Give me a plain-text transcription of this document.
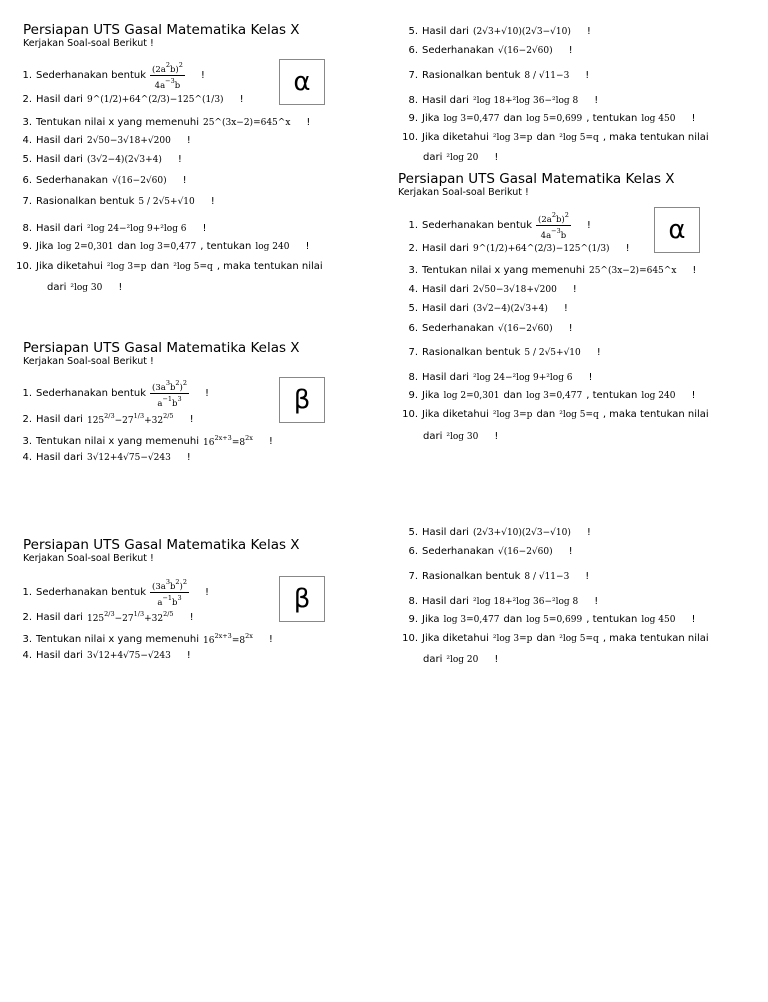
Persiapan UTS Gasal Matematika Kelas X
Kerjakan Soal-soal Berikut !
α
1. Sederhanakan bentuk $\frac{(2a^2b)^2}{4a^{-3}b}$ !
2. Hasil dari 9^(1/2)+64^(2/3)−125^(1/3) !
3. Tentukan nilai x yang memenuhi 25^(3x−2)=645^x !
4. Hasil dari 2√50−3√18+√200 !
5. Hasil dari (3√2−4)(2√3+4) !
6. Sederhanakan √(16−2√60) !
7. Rasionalkan bentuk 5 / 2√5+√10 !
8. Hasil dari ²log 24−²log 9+²log 6 !
9. Jika log 2=0,301 dan log 3=0,477 , tentukan log 240 !
10. Jika diketahui ²log 3=p dan ²log 5=q , maka tentukan nilai
dari ²log 30 !
5. Hasil dari (2√3+√10)(2√3−√10) !
6. Sederhanakan √(16−2√60) !
7. Rasionalkan bentuk 8 / √11−3 !
8. Hasil dari ²log 18+²log 36−²log 8 !
9. Jika log 3=0,477 dan log 5=0,699 , tentukan log 450 !
10. Jika diketahui ²log 3=p dan ²log 5=q , maka tentukan nilai
dari ²log 20 !
Persiapan UTS Gasal Matematika Kelas X
Kerjakan Soal-soal Berikut !
α
1. Sederhanakan bentuk $\frac{(2a^2b)^2}{4a^{-3}b}$ !
2. Hasil dari 9^(1/2)+64^(2/3)−125^(1/3) !
3. Tentukan nilai x yang memenuhi 25^(3x−2)=645^x !
4. Hasil dari 2√50−3√18+√200 !
5. Hasil dari (3√2−4)(2√3+4) !
6. Sederhanakan √(16−2√60) !
7. Rasionalkan bentuk 5 / 2√5+√10 !
8. Hasil dari ²log 24−²log 9+²log 6 !
9. Jika log 2=0,301 dan log 3=0,477 , tentukan log 240 !
10. Jika diketahui ²log 3=p dan ²log 5=q , maka tentukan nilai
dari ²log 30 !
Persiapan UTS Gasal Matematika Kelas X
Kerjakan Soal-soal Berikut !
β
1. Sederhanakan bentuk $\frac{(3a^3b^2)^2}{a^{-1}b^3}$ !
2. Hasil dari $125^{2/3}-27^{1/3}+32^{2/5}$ !
3. Tentukan nilai x yang memenuhi $16^{2x+3}=8^{2x}$ !
4. Hasil dari 3√12+4√75−√243 !
5. Hasil dari (2√3+√10)(2√3−√10) !
6. Sederhanakan √(16−2√60) !
7. Rasionalkan bentuk 8 / √11−3 !
8. Hasil dari ²log 18+²log 36−²log 8 !
9. Jika log 3=0,477 dan log 5=0,699 , tentukan log 450 !
10. Jika diketahui ²log 3=p dan ²log 5=q , maka tentukan nilai
dari ²log 20 !
Persiapan UTS Gasal Matematika Kelas X
Kerjakan Soal-soal Berikut !
β
1. Sederhanakan bentuk $\frac{(3a^3b^2)^2}{a^{-1}b^3}$ !
2. Hasil dari $125^{2/3}-27^{1/3}+32^{2/5}$ !
3. Tentukan nilai x yang memenuhi $16^{2x+3}=8^{2x}$ !
4. Hasil dari 3√12+4√75−√243 !
